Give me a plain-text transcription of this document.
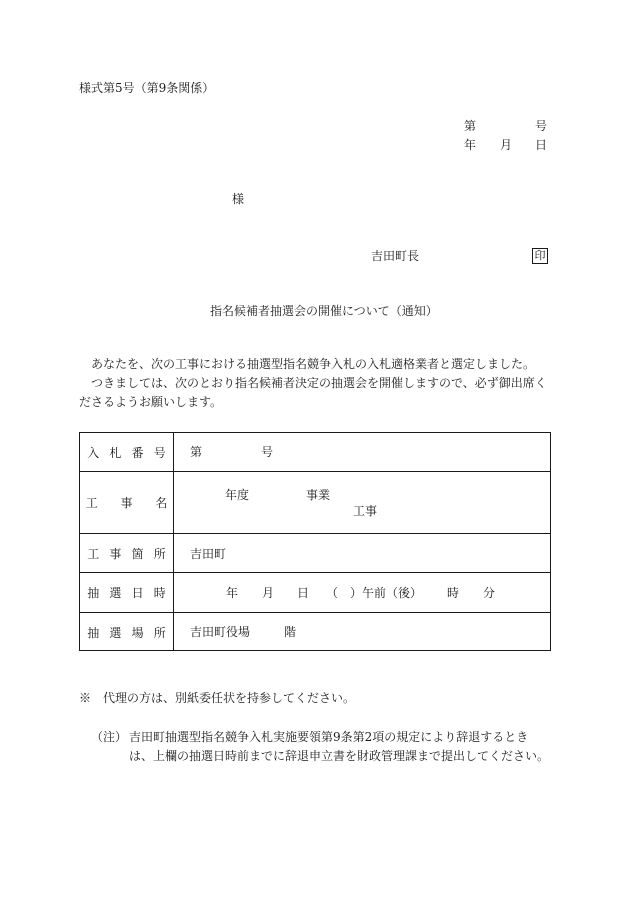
様式第5号（第9条関係）
第	号
年 月 日
様
吉田町長	印
指名候補者抽選会の開催について（通知）
あなたを、次の工事における抽選型指名競争入札の入札適格業者と選定しました。
つきましては、次のとおり指名候補者決定の抽選会を開催しますので、必ず御出席くださるようお願いします。
入札番号 第	号
工事名
年度	事業
工事
工事箇所 吉田町
抽選日時	年 月 日 （　）午前（後） 時 分
抽選場所 吉田町役場	階
※　代理の方は、別紙委任状を持参してください。
（注） 吉田町抽選型指名競争入札実施要領第9条第2項の規定により辞退するときは、上欄の抽選日時前までに辞退申立書を財政管理課まで提出してください。
